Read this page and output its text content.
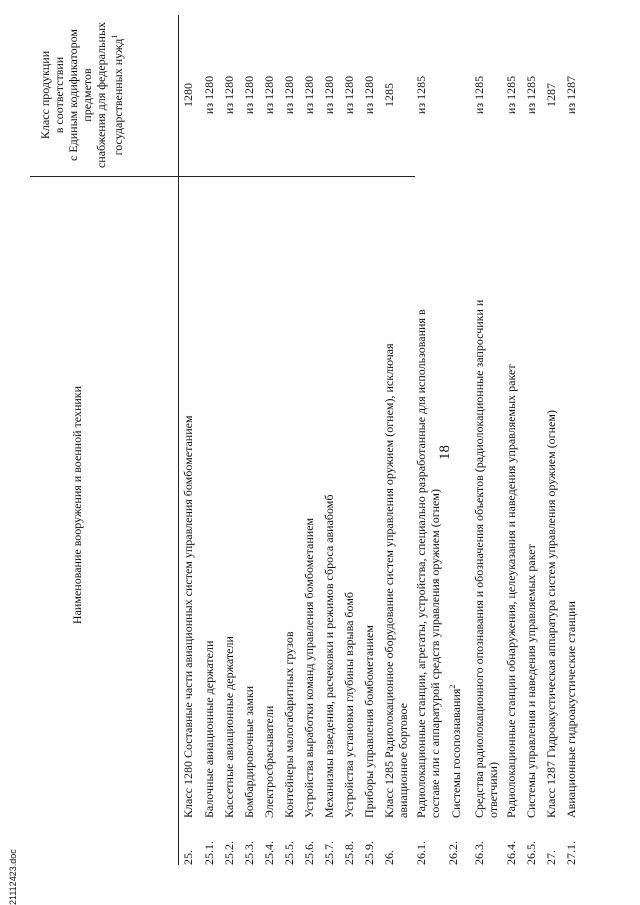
18
Наименование вооружения и военной техники
Класс продукции в соответствии с Единым кодификатором предметов снабжения для федеральных государственных нужд$^1$
25.
Класс 1280 Составные части авиационных систем управления бомбометанием
1280
25.1.
Балочные авиационные держатели
из 1280
25.2.
Кассетные авиационные держатели
из 1280
25.3.
Бомбардировочные замки
из 1280
25.4.
Электросбрасыватели
из 1280
25.5.
Контейнеры малогабаритных грузов
из 1280
25.6.
Устройства выработки команд управления бомбометанием
из 1280
25.7.
Механизмы взведения, расчековки и режимов сброса авиабомб
из 1280
25.8.
Устройства установки глубины взрыва бомб
из 1280
25.9.
Приборы управления бомбометанием
из 1280
26.
Класс 1285 Радиолокационное оборудование систем управления оружием (огнем), исключая авиационное бортовое
1285
26.1.
Радиолокационные станции, агрегаты, устройства, специально разработанные для использования в составе или с аппаратурой средств управления оружием (огнем)
из 1285
26.2.
Системы госопознавания$^2$
26.3.
Средства радиолокационного опознавания и обозначения объектов (радиолокационные запросчики и ответчики)
из 1285
26.4.
Радиолокационные станции обнаружения, целеуказания и наведения управляемых ракет
из 1285
26.5.
Системы управления и наведения управляемых ракет
из 1285
27.
Класс 1287 Гидроакустическая аппаратура систем управления оружием (огнем)
1287
27.1.
Авиационные гидроакустические станции
из 1287
21112423.doc
